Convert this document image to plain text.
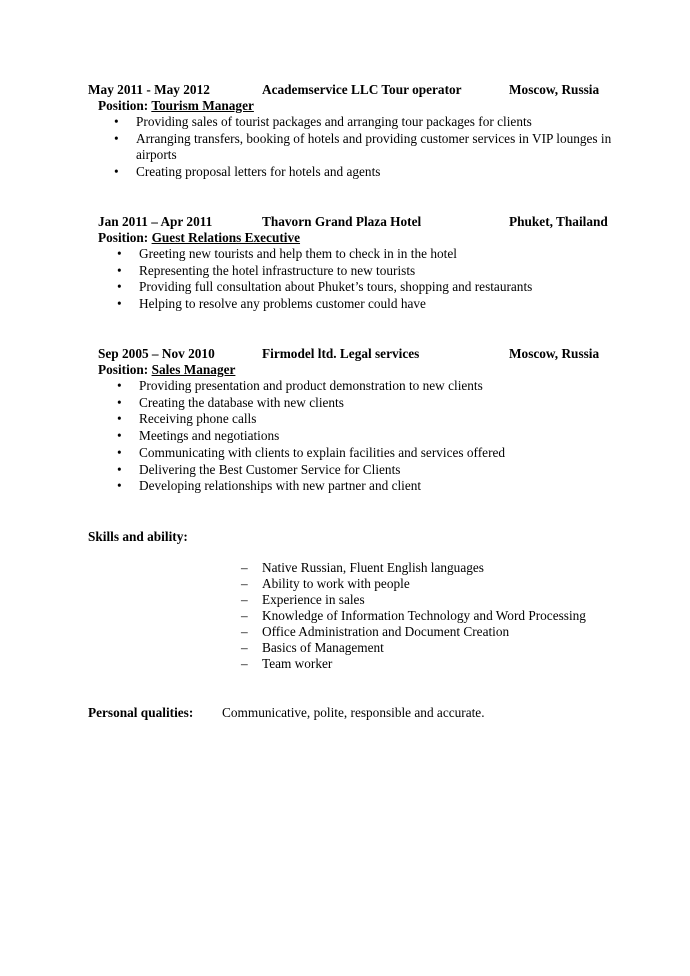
May 2011 - May 2012	Academservice LLC Tour operator	Moscow, Russia
Position: Tourism Manager
• Providing sales of tourist packages and arranging tour packages for clients
• Arranging transfers, booking of hotels and providing customer services in VIP lounges in airports
• Creating proposal letters for hotels and agents
Jan 2011 – Apr 2011	Thavorn Grand Plaza Hotel	Phuket, Thailand
Position: Guest Relations Executive
• Greeting new tourists and help them to check in in the hotel
• Representing the hotel infrastructure to new tourists
• Providing full consultation about Phuket’s tours, shopping and restaurants
• Helping to resolve any problems customer could have
Sep 2005 – Nov 2010	Firmodel ltd. Legal services	Moscow, Russia
Position: Sales Manager
• Providing presentation and product demonstration to new clients
• Creating the database with new clients
• Receiving phone calls
• Meetings and negotiations
• Communicating with clients to explain facilities and services offered
• Delivering the Best Customer Service for Clients
• Developing relationships with new partner and client
Skills and ability:
– Native Russian, Fluent English languages
– Ability to work with people
– Experience in sales
– Knowledge of Information Technology and Word Processing
– Office Administration and Document Creation
– Basics of Management
– Team worker
Personal qualities: Communicative, polite, responsible and accurate.
